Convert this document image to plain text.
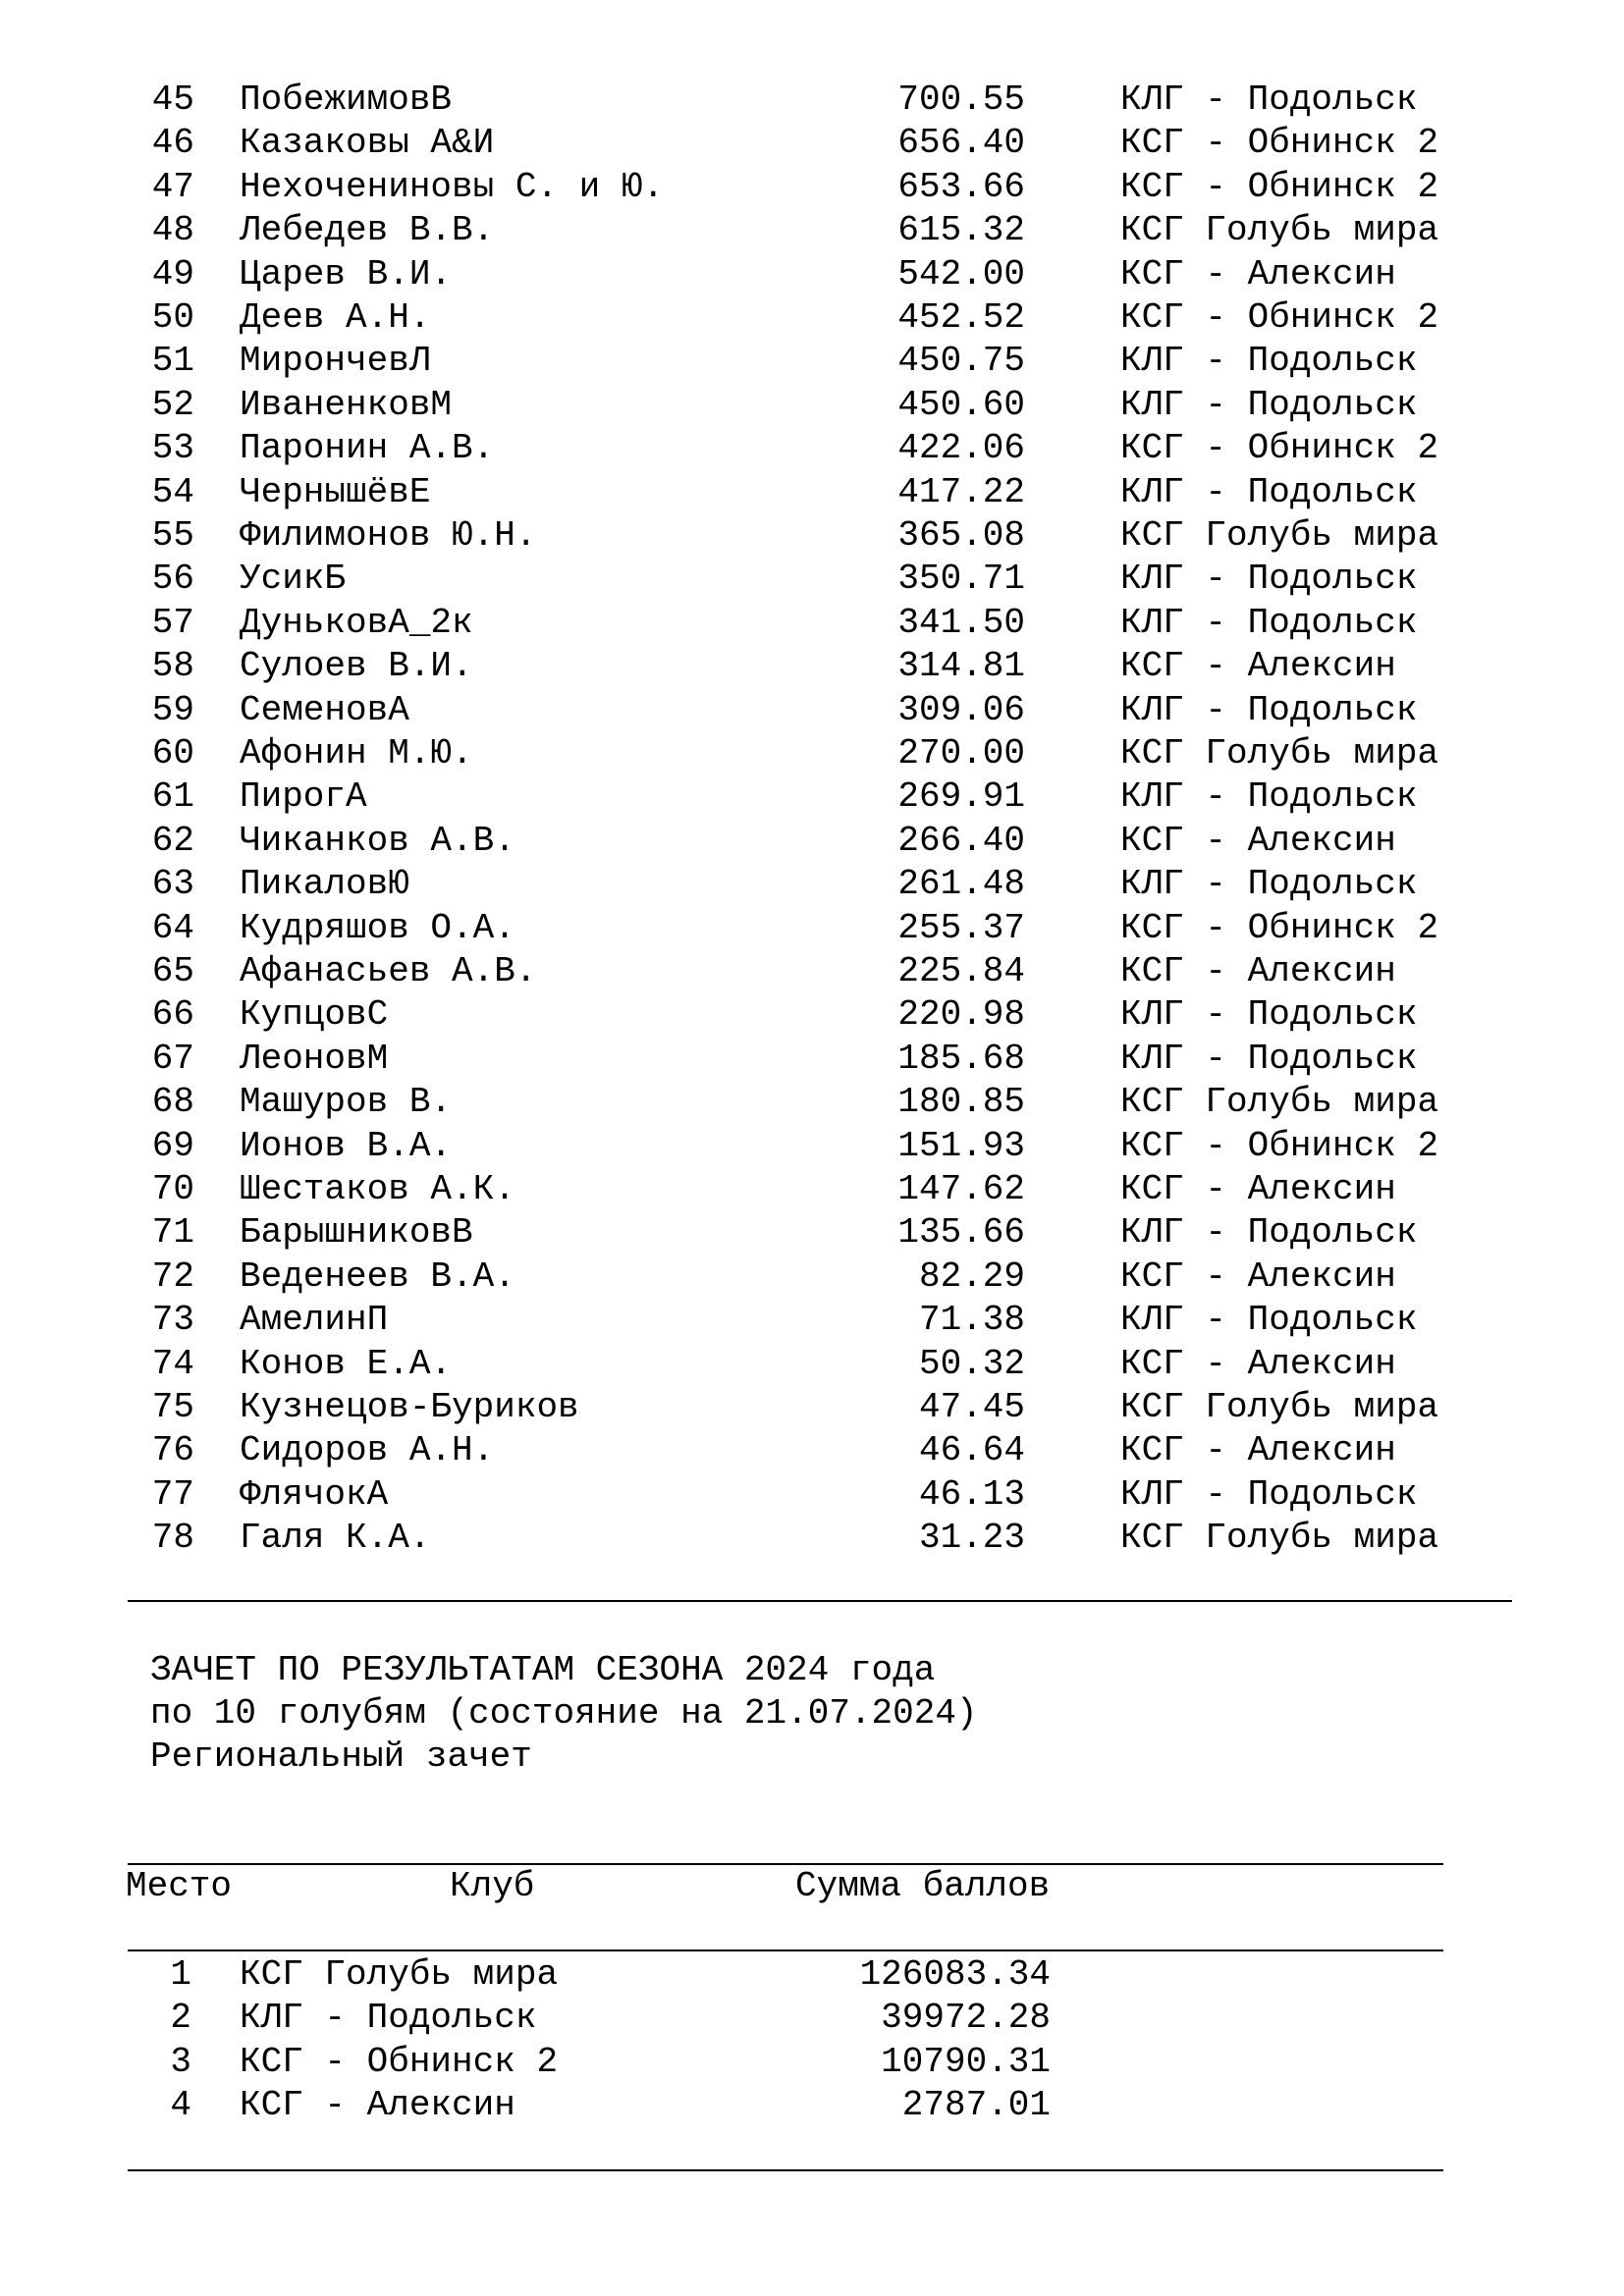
45 ПобежимовВ	700.55	КЛГ - Подольск
46 Казаковы А&И	656.40	КСГ - Обнинск 2
47 Нехочениновы С. и Ю.	653.66	КСГ - Обнинск 2
48 Лебедев В.В.	615.32	КСГ Голубь мира
49 Царев В.И.	542.00	КСГ - Алексин
50 Деев А.Н.	452.52	КСГ - Обнинск 2
51 МирончевЛ	450.75	КЛГ - Подольск
52 ИваненковМ	450.60	КЛГ - Подольск
53 Паронин А.В.	422.06	КСГ - Обнинск 2
54 ЧернышёвЕ	417.22	КЛГ - Подольск
55 Филимонов Ю.Н.	365.08	КСГ Голубь мира
56 УсикБ	350.71	КЛГ - Подольск
57 ДуньковА_2к	341.50	КЛГ - Подольск
58 Сулоев В.И.	314.81	КСГ - Алексин
59 СеменовА	309.06	КЛГ - Подольск
60 Афонин М.Ю.	270.00	КСГ Голубь мира
61 ПирогА	269.91	КЛГ - Подольск
62 Чиканков А.В.	266.40	КСГ - Алексин
63 ПикаловЮ	261.48	КЛГ - Подольск
64 Кудряшов О.А.	255.37	КСГ - Обнинск 2
65 Афанасьев А.В.	225.84	КСГ - Алексин
66 КупцовС	220.98	КЛГ - Подольск
67 ЛеоновМ	185.68	КЛГ - Подольск
68 Машуров В.	180.85	КСГ Голубь мира
69 Ионов В.А.	151.93	КСГ - Обнинск 2
70 Шестаков А.К.	147.62	КСГ - Алексин
71 БарышниковВ	135.66	КЛГ - Подольск
72 Веденеев В.А.	82.29	КСГ - Алексин
73 АмелинП	71.38	КЛГ - Подольск
74 Конов Е.А.	50.32	КСГ - Алексин
75 Кузнецов-Буриков	47.45	КСГ Голубь мира
76 Сидоров А.Н.	46.64	КСГ - Алексин
77 ФлячокА	46.13	КЛГ - Подольск
78 Галя К.А.	31.23	КСГ Голубь мира
ЗАЧЕТ ПО РЕЗУЛЬТАТАМ СЕЗОНА 2024 года
по 10 голубям (состояние на 21.07.2024)
Региональный зачет
Место	Клуб	Сумма баллов
1 КСГ Голубь мира	126083.34
2 КЛГ - Подольск	39972.28
3 КСГ - Обнинск 2	10790.31
4 КСГ - Алексин	2787.01
